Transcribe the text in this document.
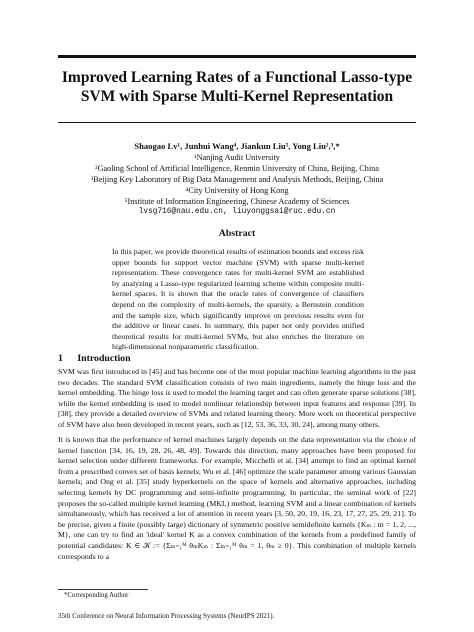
Improved Learning Rates of a Functional Lasso-type
SVM with Sparse Multi-Kernel Representation
Shaogao Lv¹, Junhui Wang⁴, Jiankun Liu⁵, Yong Liu²,³,*
¹Nanjing Audit University
²Gaoling School of Artificial Intelligence, Renmin University of China, Beijing, China
³Beijing Key Laboratory of Big Data Management and Analysis Methods, Beijing, China
⁴City University of Hong Kong
⁵Institute of Information Engineering, Chinese Academy of Sciences
lvsg716@nau.edu.cn, liuyonggsai@ruc.edu.cn
Abstract
In this paper, we provide theoretical results of estimation bounds and excess risk upper bounds for support vector machine (SVM) with sparse multi-kernel representation. These convergence rates for multi-kernel SVM are established by analyzing a Lasso-type regularized learning scheme within composite multi-kernel spaces. It is shown that the oracle rates of convergence of classifiers depend on the complexity of multi-kernels, the sparsity, a Bernstein condition and the sample size, which significantly improve on previous results even for the additive or linear cases. In summary, this paper not only provides unified theoretical results for multi-kernel SVMs, but also enriches the literature on high-dimensional nonparametric classification.
1 Introduction
SVM was first introduced in [45] and has become one of the most popular machine learning algorithms in the past two decades. The standard SVM classification consists of two main ingredients, namely the hinge loss and the kernel embedding. The hinge loss is used to model the learning target and can often generate sparse solutions [38], while the kernel embedding is used to model nonlinear relationship between input features and response [39]. In [38], they provide a detailed overview of SVMs and related learning theory. More work on theoretical perspective of SVM have also been developed in recent years, such as [12, 53, 36, 33, 30, 24], among many others.
It is known that the performance of kernel machines largely depends on the data representation via the choice of kernel function [34, 16, 19, 28, 26, 48, 49]. Towards this direction, many approaches have been proposed for kernel selection under different frameworks. For example, Micchelli et al. [34] attempt to find an optimal kernel from a prescribed convex set of basis kernels; Wu et al. [46] optimize the scale parameter among various Gaussian kernels; and Ong et al. [35] study hyperkernels on the space of kernels and alternative approaches, including selecting kernels by DC programming and semi-infinite programming. In particular, the seminal work of [22] proposes the so-called multiple kernel learning (MKL) method, learning SVM and a linear combination of kernels simultaneously, which has received a lot of attention in recent years [3, 50, 20, 19, 16, 23, 17, 27, 25, 29, 21]. To be precise, given a finite (possibly large) dictionary of symmetric positive semidefinite kernels {Kₘ : m = 1, 2, ..., M}, one can try to find an 'ideal' kernel K as a convex combination of the kernels from a predefined family of potential candidates: K ∈ 𝒦 := {Σₘ₌₁ᴹ θₘKₘ : Σₘ₌₁ᴹ θₘ = 1, θₘ ≥ 0}. This combination of multiple kernels corresponds to a
*Corresponding Author
35th Conference on Neural Information Processing Systems (NeurIPS 2021).
